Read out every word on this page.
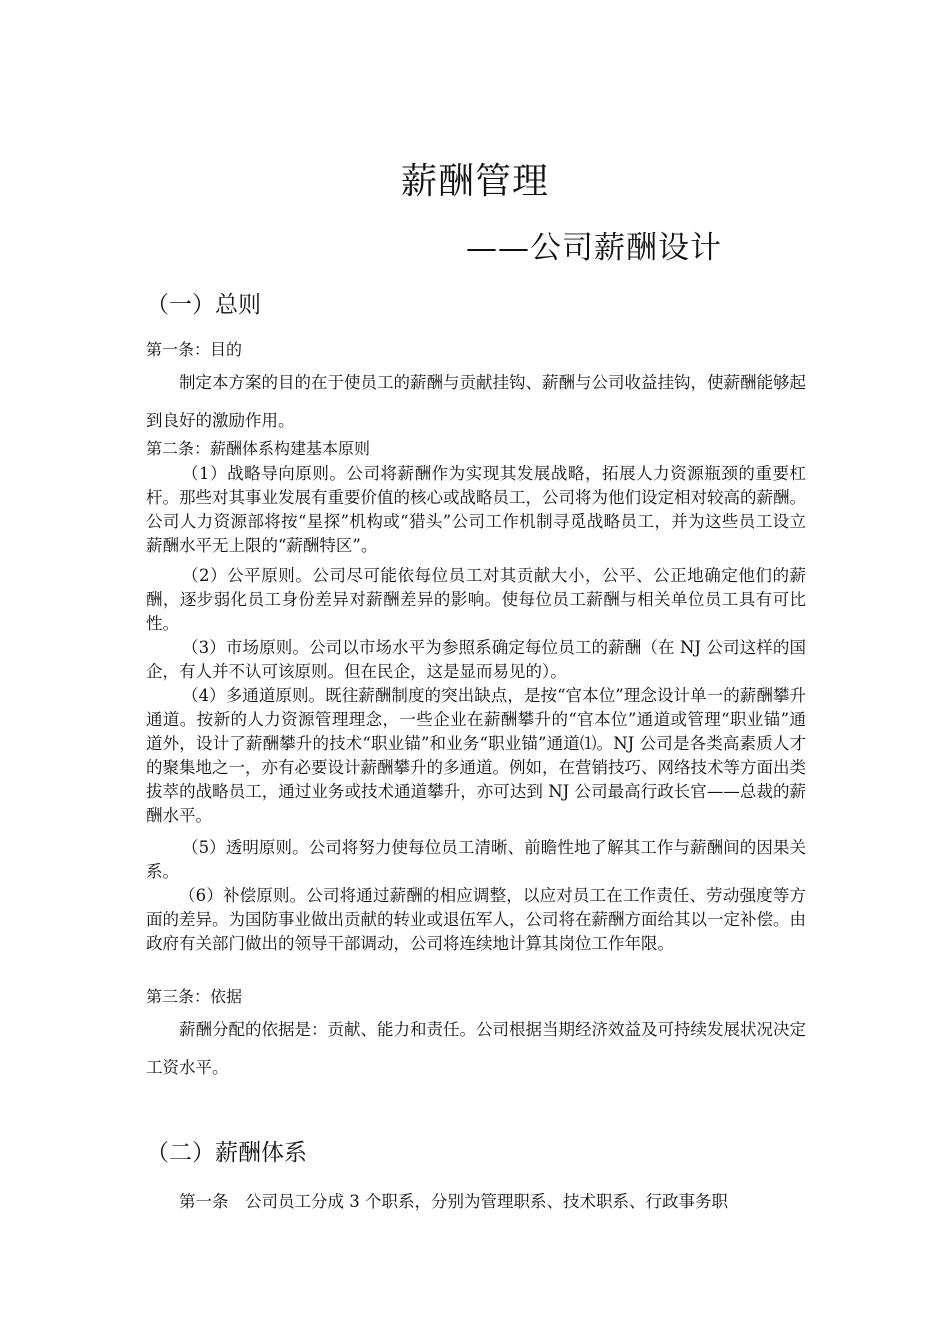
薪酬管理
——公司薪酬设计
（一）总则
第一条：目的

制定本方案的目的在于使员工的薪酬与贡献挂钩、薪酬与公司收益挂钩，使薪酬能够起到良好的激励作用。

第二条：薪酬体系构建基本原则

（1）战略导向原则。公司将薪酬作为实现其发展战略，拓展人力资源瓶颈的重要杠杆。那些对其事业发展有重要价值的核心或战略员工，公司将为他们设定相对较高的薪酬。公司人力资源部将按“星探”机构或“猎头”公司工作机制寻觅战略员工，并为这些员工设立薪酬水平无上限的“薪酬特区”。

（2）公平原则。公司尽可能依每位员工对其贡献大小，公平、公正地确定他们的薪酬，逐步弱化员工身份差异对薪酬差异的影响。使每位员工薪酬与相关单位员工具有可比性。

（3）市场原则。公司以市场水平为参照系确定每位员工的薪酬（在 NJ 公司这样的国企，有人并不认可该原则。但在民企，这是显而易见的）。

（4）多通道原则。既往薪酬制度的突出缺点，是按“官本位”理念设计单一的薪酬攀升通道。按新的人力资源管理理念，一些企业在薪酬攀升的“官本位”通道或管理“职业锚”通道外，设计了薪酬攀升的技术“职业锚”和业务“职业锚”通道⑴。NJ 公司是各类高素质人才的聚集地之一，亦有必要设计薪酬攀升的多通道。例如，在营销技巧、网络技术等方面出类拔萃的战略员工，通过业务或技术通道攀升，亦可达到 NJ 公司最高行政长官——总裁的薪酬水平。

（5）透明原则。公司将努力使每位员工清晰、前瞻性地了解其工作与薪酬间的因果关系。

（6）补偿原则。公司将通过薪酬的相应调整，以应对员工在工作责任、劳动强度等方面的差异。为国防事业做出贡献的转业或退伍军人，公司将在薪酬方面给其以一定补偿。由政府有关部门做出的领导干部调动，公司将连续地计算其岗位工作年限。

第三条：依据

薪酬分配的依据是：贡献、能力和责任。公司根据当期经济效益及可持续发展状况决定工资水平。

（二）薪酬体系

第一条　公司员工分成 3 个职系，分别为管理职系、技术职系、行政事务职
